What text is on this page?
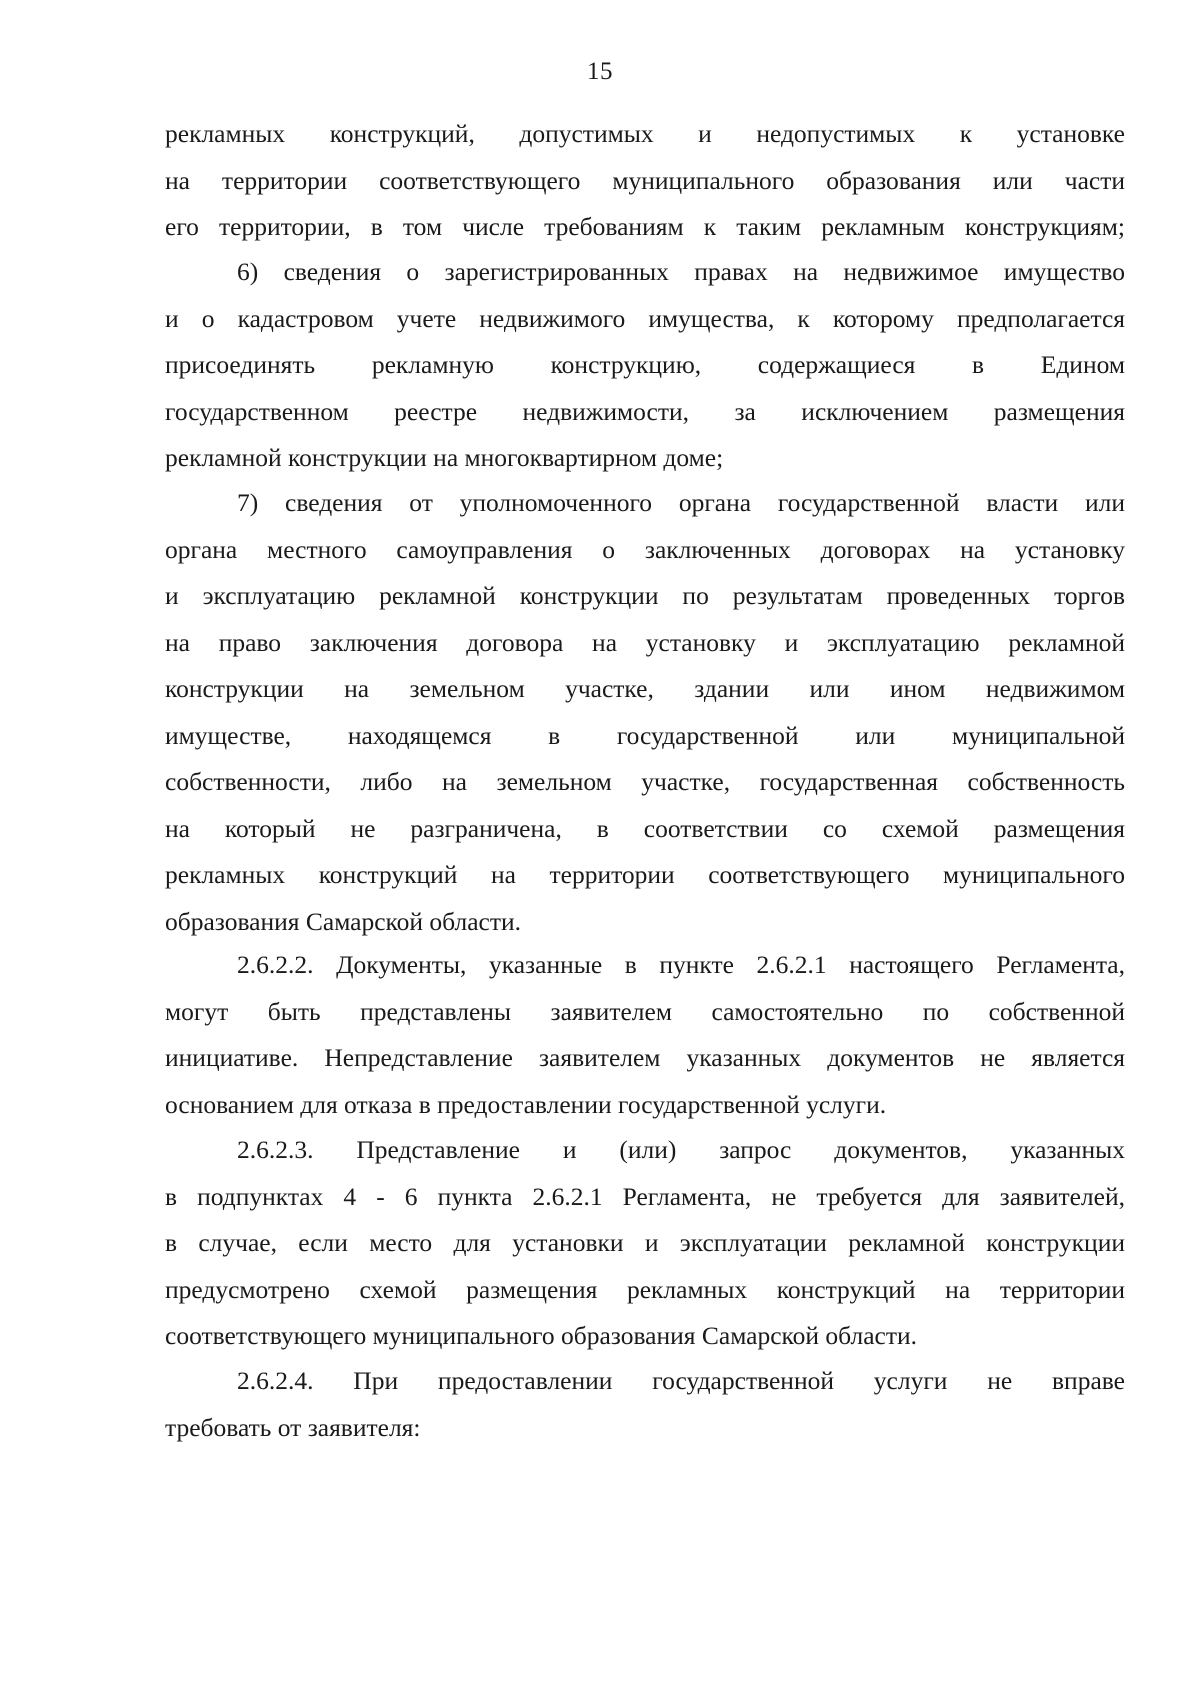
15
рекламных конструкций, допустимых и недопустимых к установке
на территории соответствующего муниципального образования или части
его территории, в том числе требованиям к таким рекламным конструкциям;
6) сведения о зарегистрированных правах на недвижимое имущество
и о кадастровом учете недвижимого имущества, к которому предполагается
присоединять рекламную конструкцию, содержащиеся в Едином
государственном реестре недвижимости, за исключением размещения
рекламной конструкции на многоквартирном доме;
7) сведения от уполномоченного органа государственной власти или
органа местного самоуправления о заключенных договорах на установку
и эксплуатацию рекламной конструкции по результатам проведенных торгов
на право заключения договора на установку и эксплуатацию рекламной
конструкции на земельном участке, здании или ином недвижимом
имуществе, находящемся в государственной или муниципальной
собственности, либо на земельном участке, государственная собственность
на который не разграничена, в соответствии со схемой размещения
рекламных конструкций на территории соответствующего муниципального
образования Самарской области.
2.6.2.2. Документы, указанные в пункте 2.6.2.1 настоящего Регламента,
могут быть представлены заявителем самостоятельно по собственной
инициативе. Непредставление заявителем указанных документов не является
основанием для отказа в предоставлении государственной услуги.
2.6.2.3. Представление и (или) запрос документов, указанных
в подпунктах 4 - 6 пункта 2.6.2.1 Регламента, не требуется для заявителей,
в случае, если место для установки и эксплуатации рекламной конструкции
предусмотрено схемой размещения рекламных конструкций на территории
соответствующего муниципального образования Самарской области.
2.6.2.4. При предоставлении государственной услуги не вправе
требовать от заявителя:
